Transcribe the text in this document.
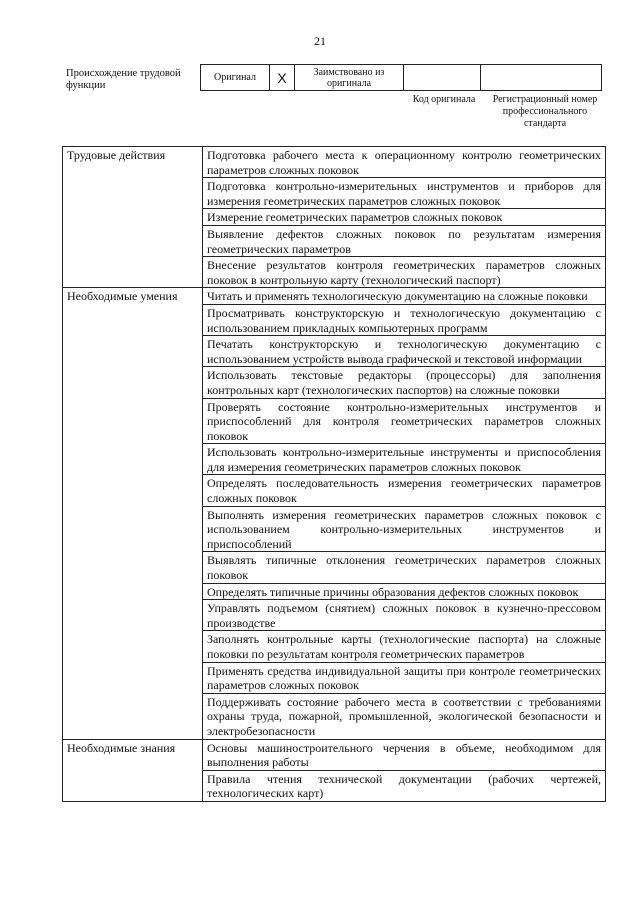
21
Происхождение трудовой функции
Оригинал	X	Заимствовано из оригинала		
Код оригинала	Регистрационный номер профессионального стандарта
Трудовые действия	Подготовка рабочего места к операционному контролю геометрических параметров сложных поковок
	Подготовка контрольно-измерительных инструментов и приборов для измерения геометрических параметров сложных поковок
	Измерение геометрических параметров сложных поковок
	Выявление дефектов сложных поковок по результатам измерения геометрических параметров
	Внесение результатов контроля геометрических параметров сложных поковок в контрольную карту (технологический паспорт)
Необходимые умения	Читать и применять технологическую документацию на сложные поковки
	Просматривать конструкторскую и технологическую документацию с использованием прикладных компьютерных программ
	Печатать конструкторскую и технологическую документацию с использованием устройств вывода графической и текстовой информации
	Использовать текстовые редакторы (процессоры) для заполнения контрольных карт (технологических паспортов) на сложные поковки
	Проверять состояние контрольно-измерительных инструментов и приспособлений для контроля геометрических параметров сложных поковок
	Использовать контрольно-измерительные инструменты и приспособления для измерения геометрических параметров сложных поковок
	Определять последовательность измерения геометрических параметров сложных поковок
	Выполнять измерения геометрических параметров сложных поковок с использованием контрольно-измерительных инструментов и приспособлений
	Выявлять типичные отклонения геометрических параметров сложных поковок
	Определять типичные причины образования дефектов сложных поковок
	Управлять подъемом (снятием) сложных поковок в кузнечно-прессовом производстве
	Заполнять контрольные карты (технологические паспорта) на сложные поковки по результатам контроля геометрических параметров
	Применять средства индивидуальной защиты при контроле геометрических параметров сложных поковок
	Поддерживать состояние рабочего места в соответствии с требованиями охраны труда, пожарной, промышленной, экологической безопасности и электробезопасности
Необходимые знания	Основы машиностроительного черчения в объеме, необходимом для выполнения работы
	Правила чтения технической документации (рабочих чертежей, технологических карт)
